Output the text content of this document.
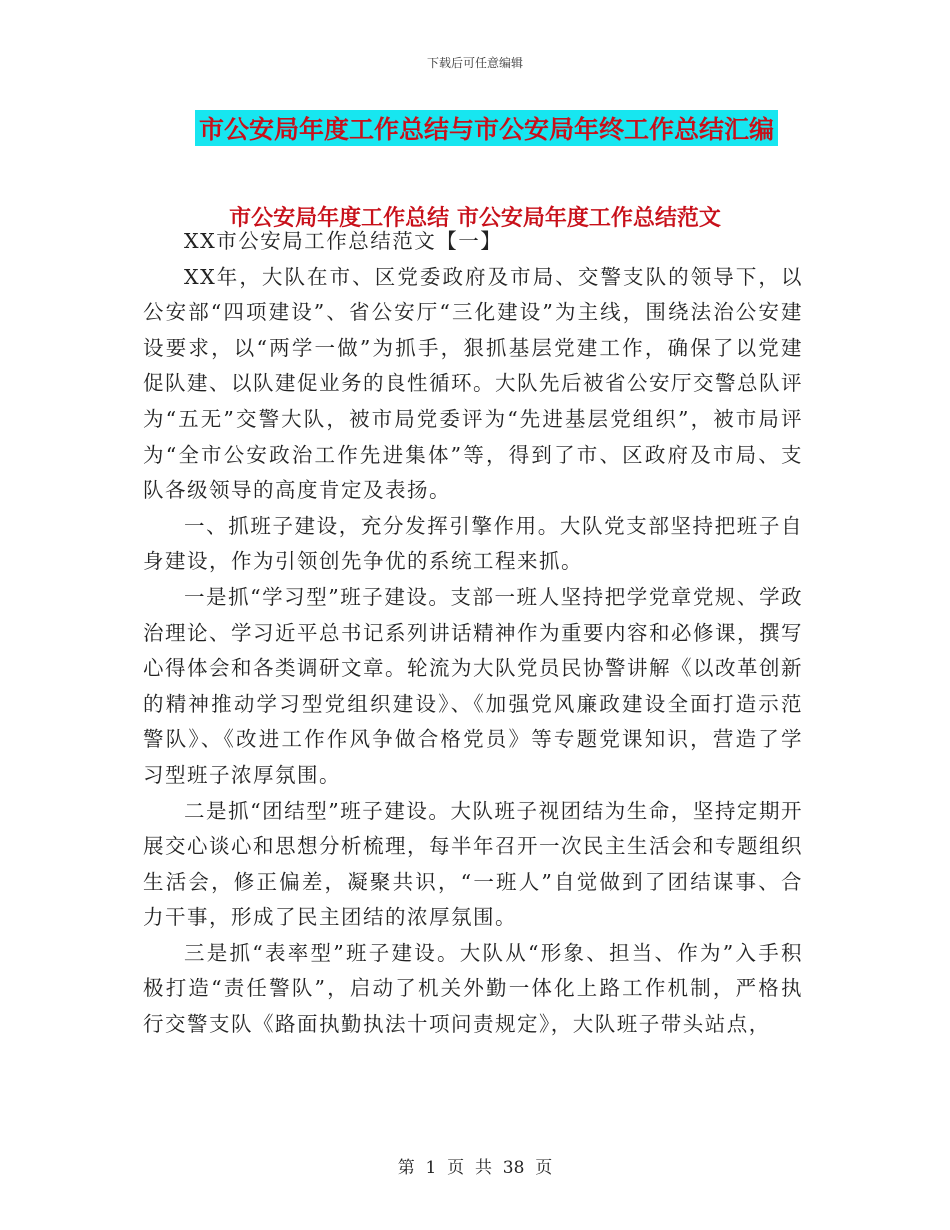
下载后可任意编辑
市公安局年度工作总结与市公安局年终工作总结汇编
市公安局年度工作总结 市公安局年度工作总结范文

XX市公安局工作总结范文【一】

XX年，大队在市、区党委政府及市局、交警支队的领导下，以公安部“四项建设”、省公安厅“三化建设”为主线，围绕法治公安建设要求，以“两学一做”为抓手，狠抓基层党建工作，确保了以党建促队建、以队建促业务的良性循环。大队先后被省公安厅交警总队评为“五无”交警大队，被市局党委评为“先进基层党组织”，被市局评为“全市公安政治工作先进集体”等，得到了市、区政府及市局、支队各级领导的高度肯定及表扬。

一、抓班子建设，充分发挥引擎作用。大队党支部坚持把班子自身建设，作为引领创先争优的系统工程来抓。

一是抓“学习型”班子建设。支部一班人坚持把学党章党规、学政治理论、学习近平总书记系列讲话精神作为重要内容和必修课，撰写心得体会和各类调研文章。轮流为大队党员民协警讲解《以改革创新的精神推动学习型党组织建设》、《加强党风廉政建设全面打造示范警队》、《改进工作作风争做合格党员》等专题党课知识，营造了学习型班子浓厚氛围。

二是抓“团结型”班子建设。大队班子视团结为生命，坚持定期开展交心谈心和思想分析梳理，每半年召开一次民主生活会和专题组织生活会，修正偏差，凝聚共识，“一班人”自觉做到了团结谋事、合力干事，形成了民主团结的浓厚氛围。

三是抓“表率型”班子建设。大队从“形象、担当、作为”入手积极打造“责任警队”，启动了机关外勤一体化上路工作机制，严格执行交警支队《路面执勤执法十项问责规定》，大队班子带头站点，

第  1  页  共  38  页
